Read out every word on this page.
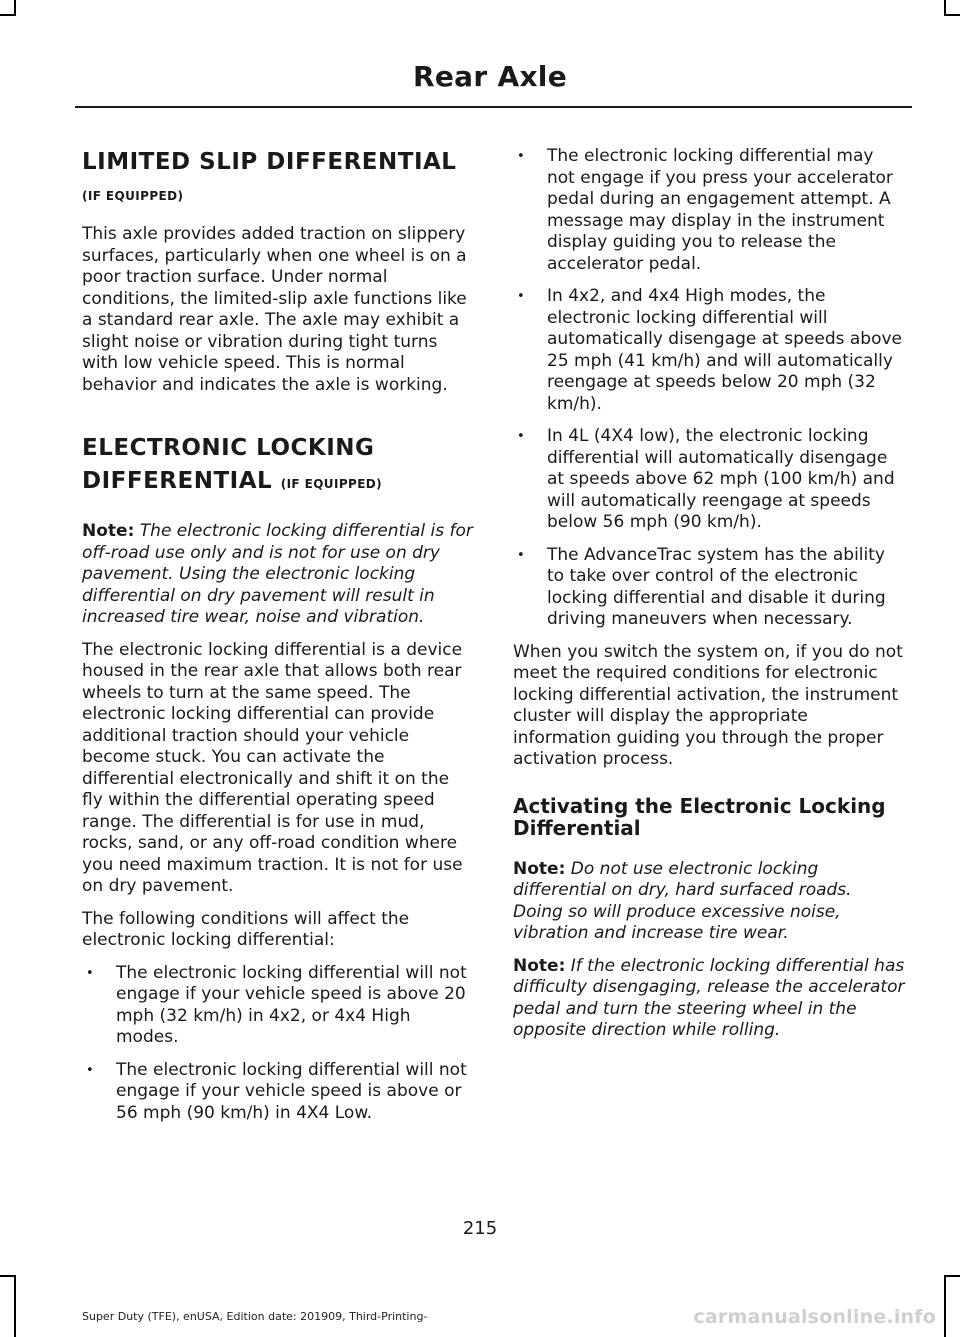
Rear Axle
LIMITED SLIP DIFFERENTIAL
(IF EQUIPPED)

This axle provides added traction on slippery surfaces, particularly when one wheel is on a poor traction surface. Under normal conditions, the limited-slip axle functions like a standard rear axle. The axle may exhibit a slight noise or vibration during tight turns with low vehicle speed. This is normal behavior and indicates the axle is working.

ELECTRONIC LOCKING
DIFFERENTIAL (IF EQUIPPED)

Note: The electronic locking differential is for off-road use only and is not for use on dry pavement. Using the electronic locking differential on dry pavement will result in increased tire wear, noise and vibration.

The electronic locking differential is a device housed in the rear axle that allows both rear wheels to turn at the same speed. The electronic locking differential can provide additional traction should your vehicle become stuck. You can activate the differential electronically and shift it on the fly within the differential operating speed range. The differential is for use in mud, rocks, sand, or any off-road condition where you need maximum traction. It is not for use on dry pavement.

The following conditions will affect the electronic locking differential:

• The electronic locking differential will not engage if your vehicle speed is above 20 mph (32 km/h) in 4x2, or 4x4 High modes.
• The electronic locking differential will not engage if your vehicle speed is above or 56 mph (90 km/h) in 4X4 Low.
• The electronic locking differential may not engage if you press your accelerator pedal during an engagement attempt. A message may display in the instrument display guiding you to release the accelerator pedal.
• In 4x2, and 4x4 High modes, the electronic locking differential will automatically disengage at speeds above 25 mph (41 km/h) and will automatically reengage at speeds below 20 mph (32 km/h).
• In 4L (4X4 low), the electronic locking differential will automatically disengage at speeds above 62 mph (100 km/h) and will automatically reengage at speeds below 56 mph (90 km/h).
• The AdvanceTrac system has the ability to take over control of the electronic locking differential and disable it during driving maneuvers when necessary.

When you switch the system on, if you do not meet the required conditions for electronic locking differential activation, the instrument cluster will display the appropriate information guiding you through the proper activation process.

Activating the Electronic Locking Differential

Note: Do not use electronic locking differential on dry, hard surfaced roads. Doing so will produce excessive noise, vibration and increase tire wear.

Note: If the electronic locking differential has difficulty disengaging, release the accelerator pedal and turn the steering wheel in the opposite direction while rolling.

215
Super Duty (TFE), enUSA, Edition date: 201909, Third-Printing-	carmanualsonline.info
